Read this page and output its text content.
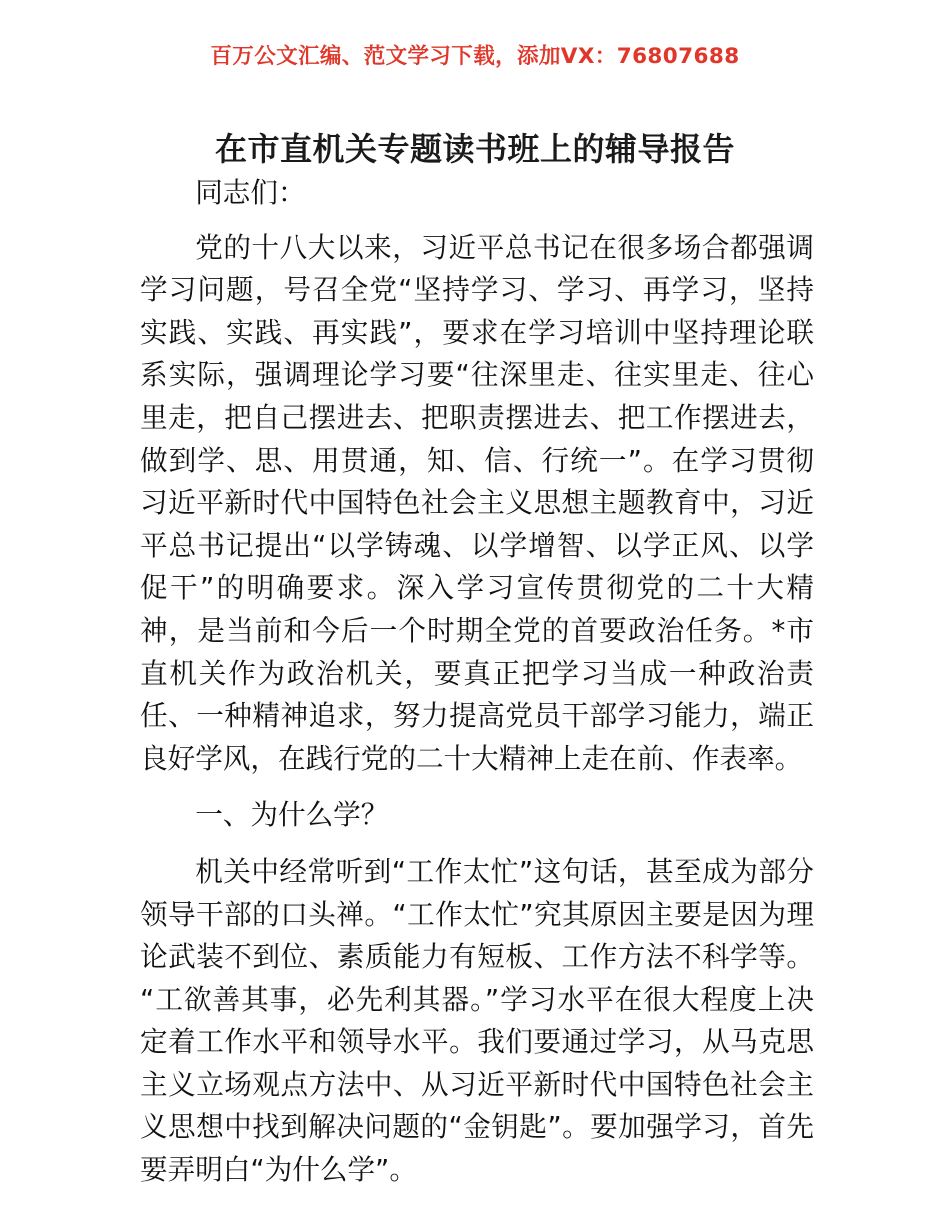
百万公文汇编、范文学习下载，添加VX：76807688
在市直机关专题读书班上的辅导报告

同志们：

党的十八大以来，习近平总书记在很多场合都强调学习问题，号召全党“坚持学习、学习、再学习，坚持实践、实践、再实践”，要求在学习培训中坚持理论联系实际，强调理论学习要“往深里走、往实里走、往心里走，把自己摆进去、把职责摆进去、把工作摆进去，做到学、思、用贯通，知、信、行统一”。在学习贯彻习近平新时代中国特色社会主义思想主题教育中，习近平总书记提出“以学铸魂、以学增智、以学正风、以学促干”的明确要求。深入学习宣传贯彻党的二十大精神，是当前和今后一个时期全党的首要政治任务。*市直机关作为政治机关，要真正把学习当成一种政治责任、一种精神追求，努力提高党员干部学习能力，端正良好学风，在践行党的二十大精神上走在前、作表率。

一、为什么学？

机关中经常听到“工作太忙”这句话，甚至成为部分领导干部的口头禅。“工作太忙”究其原因主要是因为理论武装不到位、素质能力有短板、工作方法不科学等。“工欲善其事，必先利其器。”学习水平在很大程度上决定着工作水平和领导水平。我们要通过学习，从马克思主义立场观点方法中、从习近平新时代中国特色社会主义思想中找到解决问题的“金钥匙”。要加强学习，首先要弄明白“为什么学”。
